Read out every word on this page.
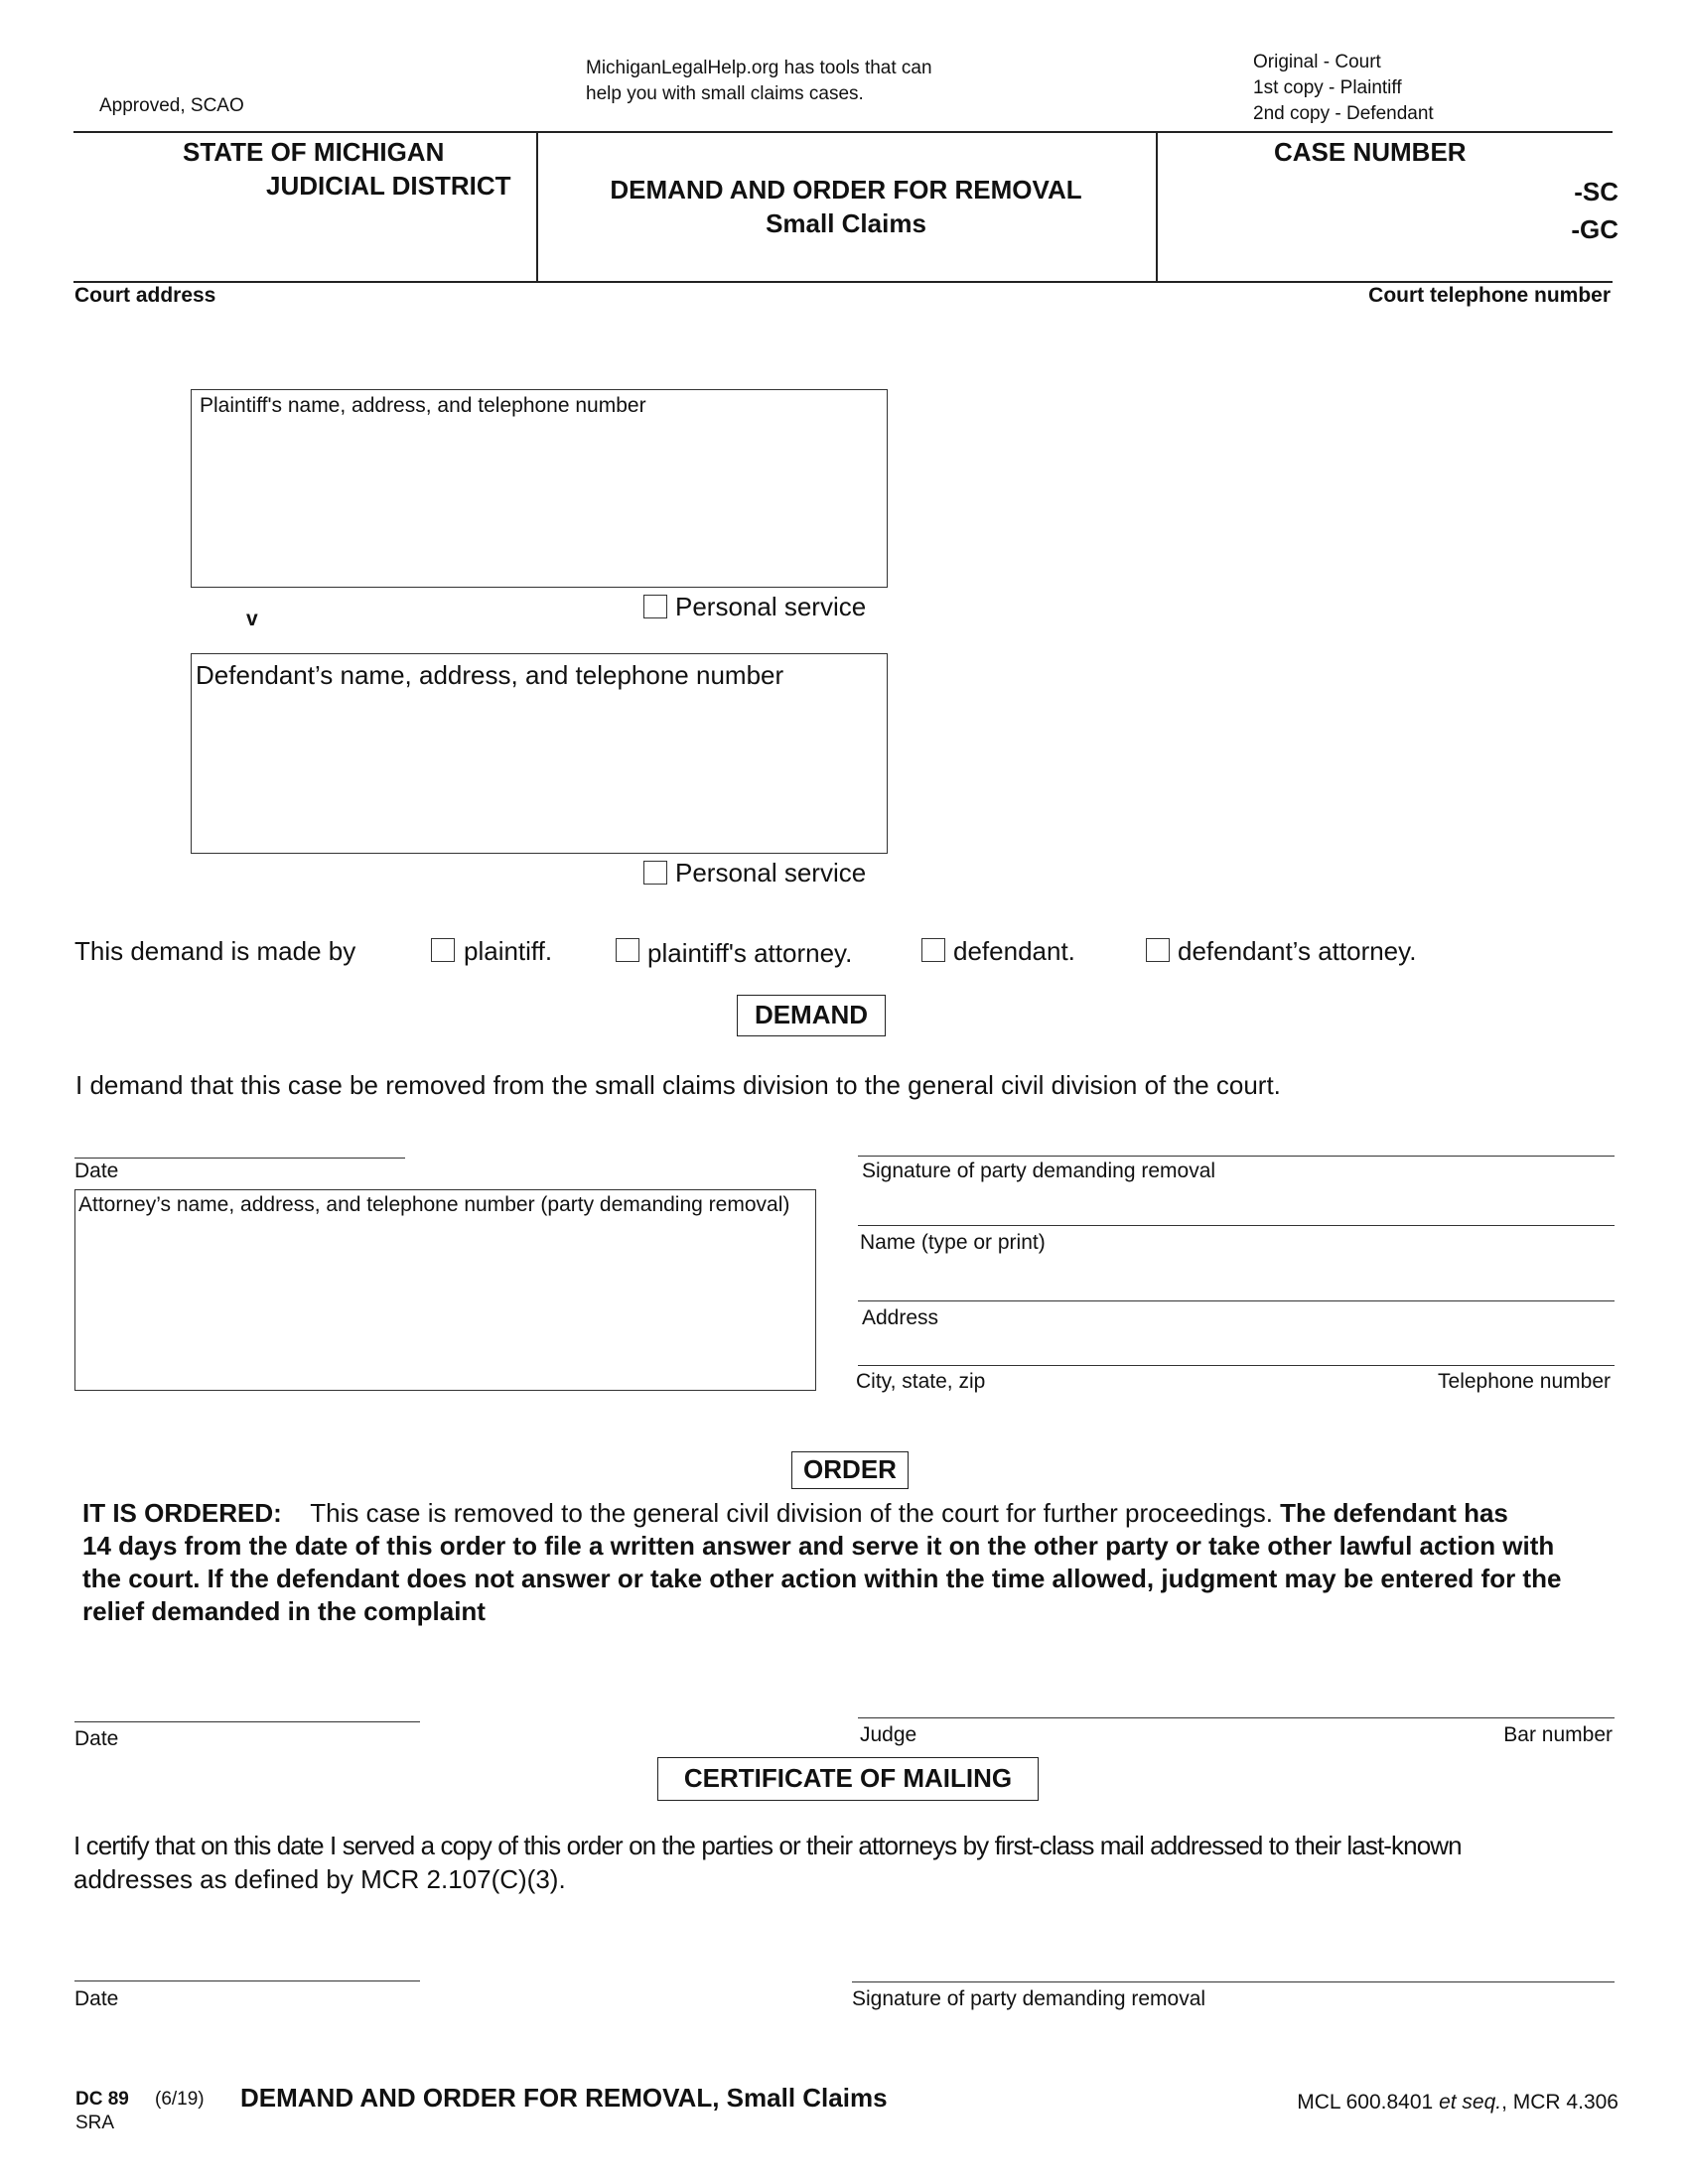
Approved, SCAO
MichiganLegalHelp.org has tools that can
help you with small claims cases.
Original - Court
1st copy - Plaintiff
2nd copy - Defendant
STATE OF MICHIGAN
JUDICIAL DISTRICT	DEMAND AND ORDER FOR REMOVAL
Small Claims
CASE NUMBER
-SC
-GC
Court address	Court telephone number
Plaintiff's name, address, and telephone number
v	Personal service
Defendant’s name, address, and telephone number
Personal service
This demand is made by	plaintiff.	plaintiff's attorney.	defendant.	defendant’s attorney.
DEMAND
I demand that this case be removed from the small claims division to the general civil division of the court.
Date	Signature of party demanding removal
Attorney’s name, address, and telephone number (party demanding removal)
Name (type or print)
Address
City, state, zip	Telephone number
ORDER
IT IS ORDERED: This case is removed to the general civil division of the court for further proceedings. The defendant has
14 days from the date of this order to file a written answer and serve it on the other party or take other lawful action with
the court. If the defendant does not answer or take other action within the time allowed, judgment may be entered for the
relief demanded in the complaint
Date	Judge	Bar number
CERTIFICATE OF MAILING
I certify that on this date I served a copy of this order on the parties or their attorneys by first-class mail addressed to their last-known
addresses as defined by MCR 2.107(C)(3).
Date	Signature of party demanding removal
DC 89 (6/19)
SRA
DEMAND AND ORDER FOR REMOVAL, Small Claims	MCL 600.8401 et seq., MCR 4.306
